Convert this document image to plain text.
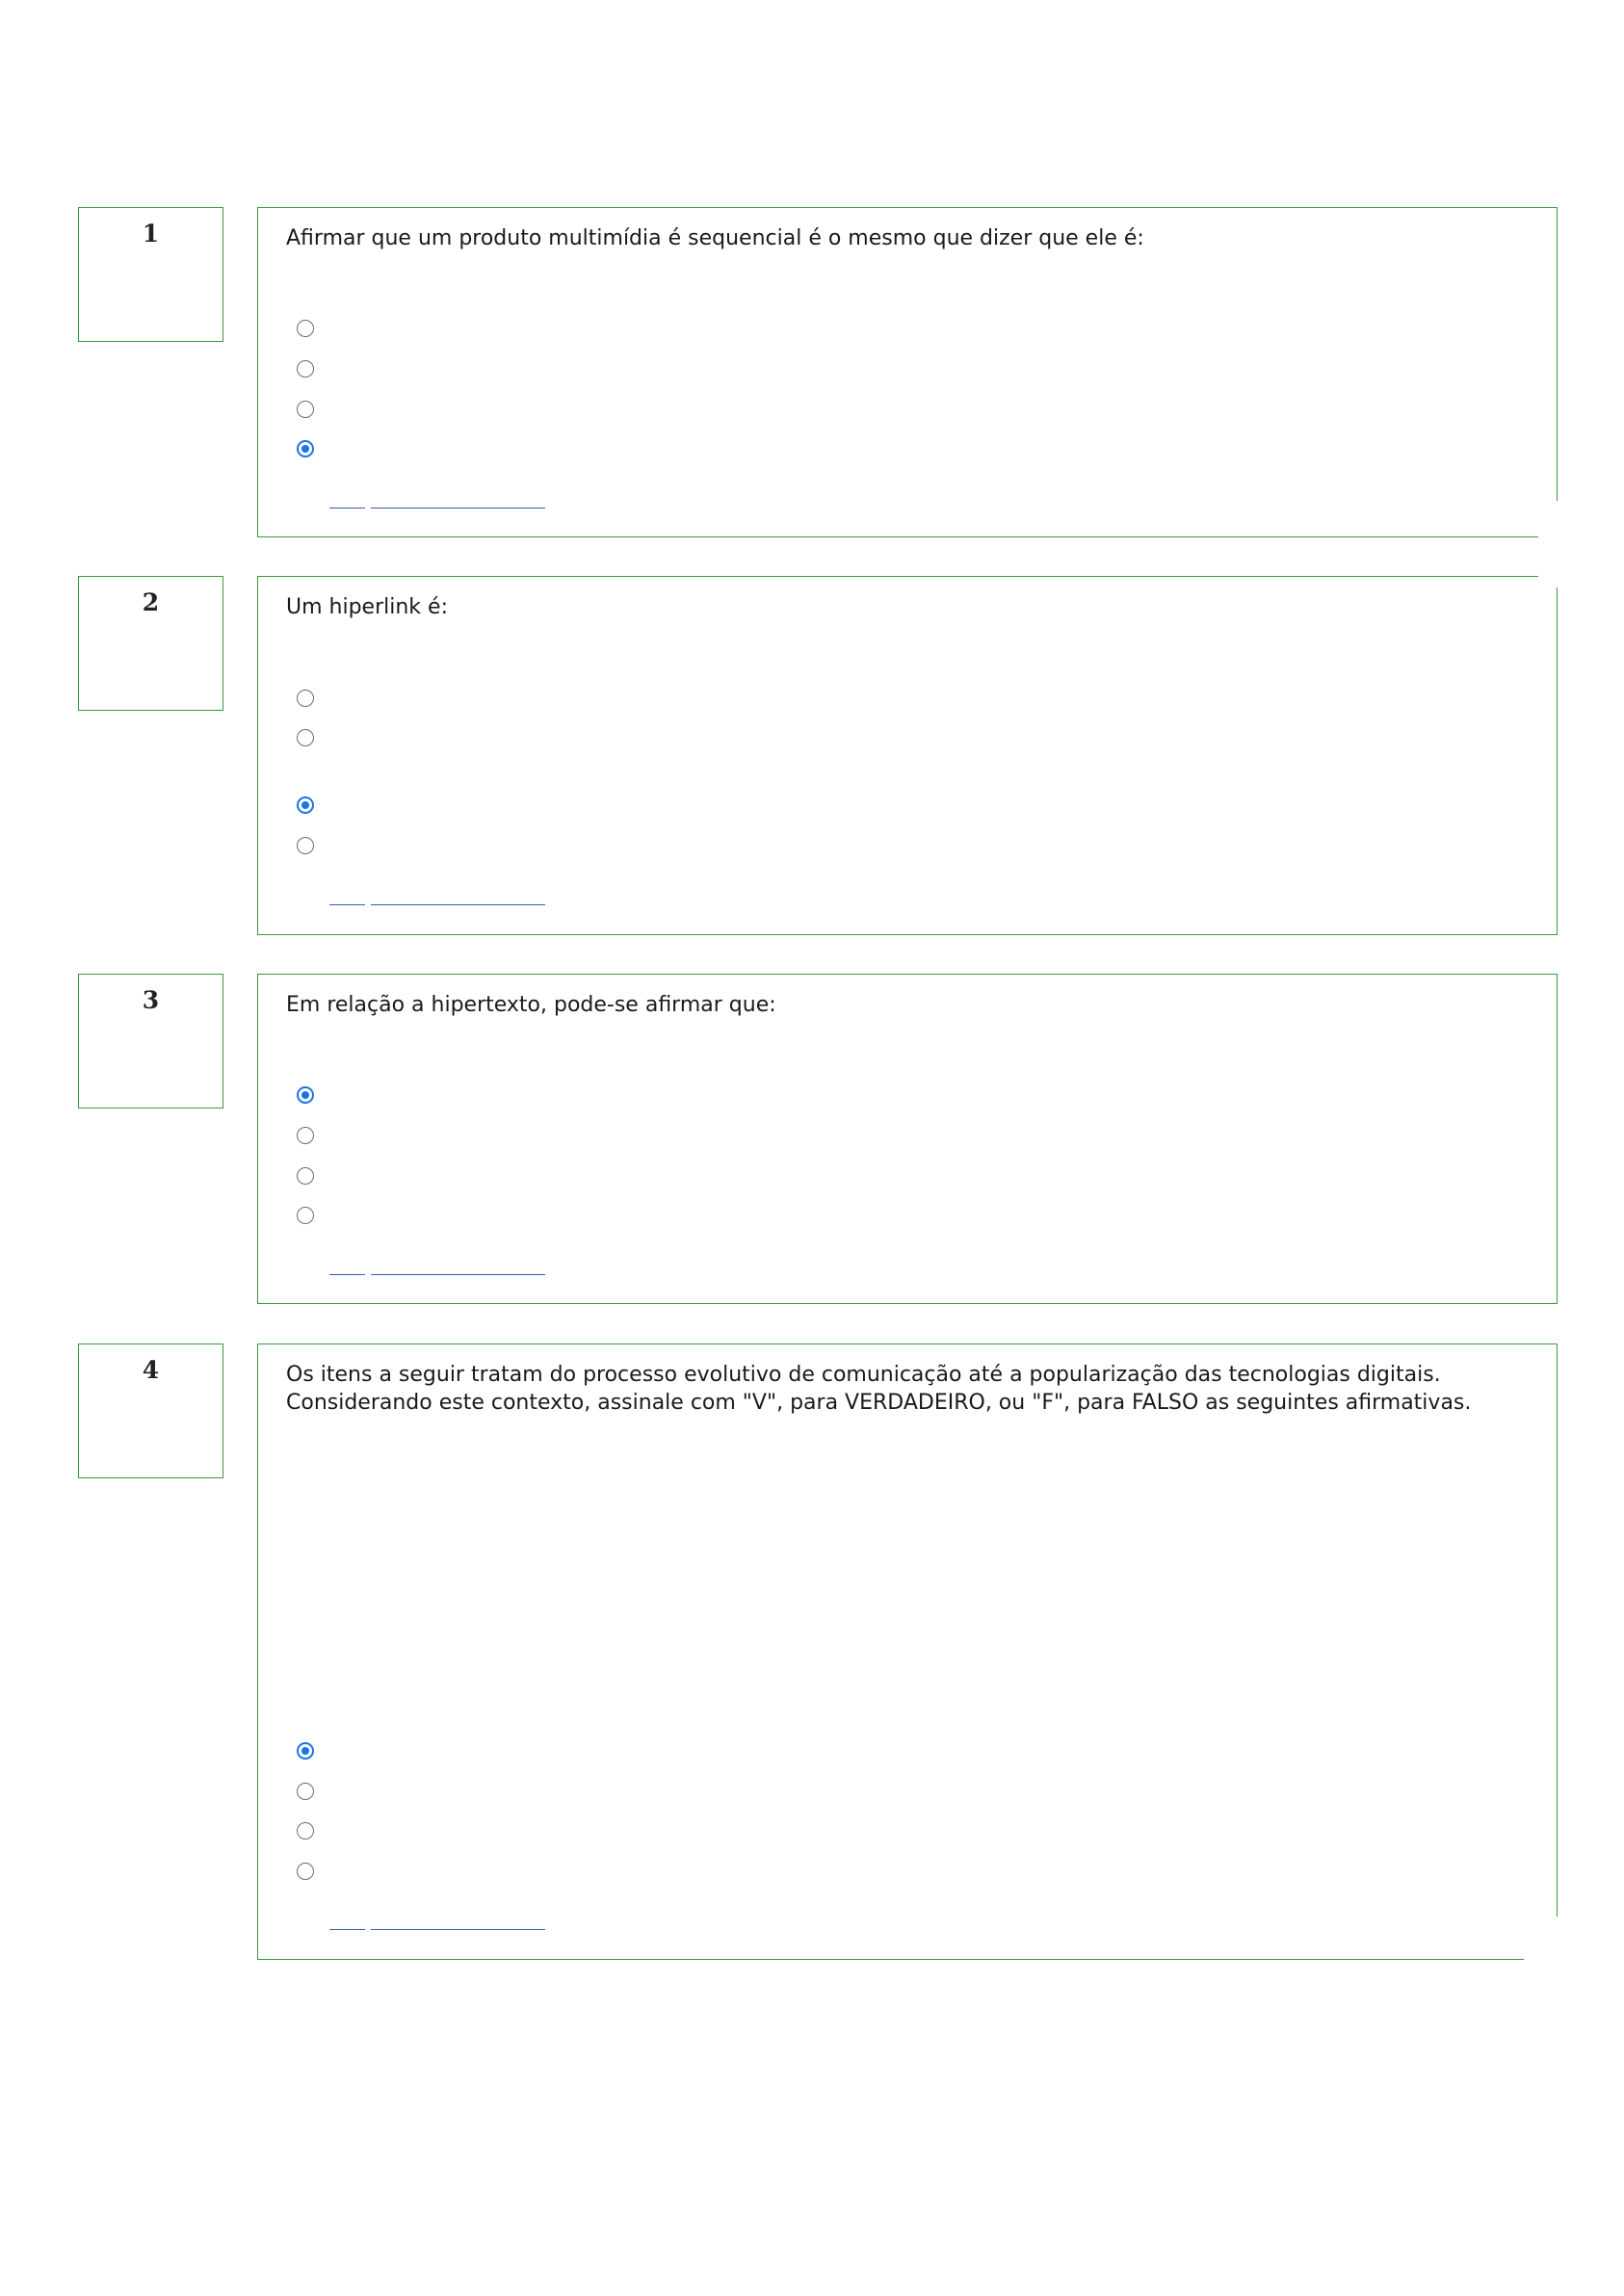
1	Afirmar que um produto multimídia é sequencial é o mesmo que dizer que ele é:
2	Um hiperlink é:
3	Em relação a hipertexto, pode-se afirmar que:
4	Os itens a seguir tratam do processo evolutivo de comunicação até a popularização das tecnologias digitais. Considerando este contexto, assinale com "V", para VERDADEIRO, ou "F", para FALSO as seguintes afirmativas.
